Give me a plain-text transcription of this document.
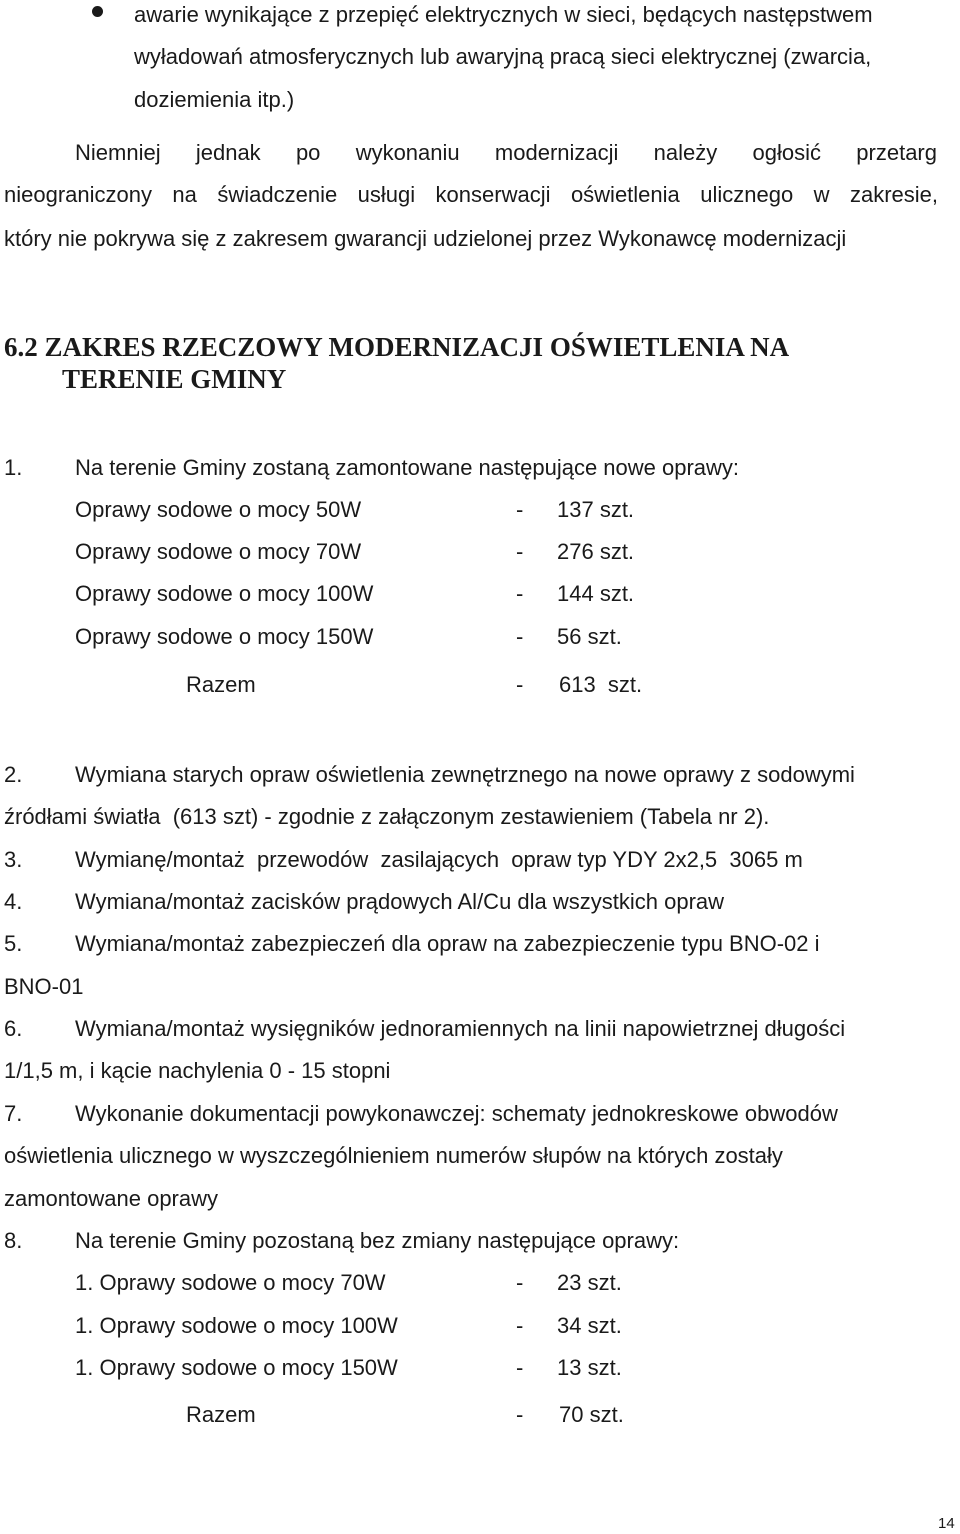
awarie wynikające z przepięć elektrycznych w sieci, będących następstwem
wyładowań atmosferycznych lub awaryjną pracą sieci elektrycznej (zwarcia,
doziemienia itp.)
Niemniej jednak po wykonaniu modernizacji należy ogłosić przetarg
nieograniczony na świadczenie usługi konserwacji oświetlenia ulicznego w zakresie,
który nie pokrywa się z zakresem gwarancji udzielonej przez Wykonawcę modernizacji
6.2 ZAKRES RZECZOWY MODERNIZACJI OŚWIETLENIA NA
TERENIE GMINY
1. Na terenie Gminy zostaną zamontowane następujące nowe oprawy:
Oprawy sodowe o mocy 50W	- 137 szt.
Oprawy sodowe o mocy 70W	- 276 szt.
Oprawy sodowe o mocy 100W	- 144 szt.
Oprawy sodowe o mocy 150W	- 56 szt.
Razem	- 613  szt.
2. Wymiana starych opraw oświetlenia zewnętrznego na nowe oprawy z sodowymi
źródłami światła  (613 szt) - zgodnie z załączonym zestawieniem (Tabela nr 2).
3. Wymianę/montaż  przewodów  zasilających  opraw typ YDY 2x2,5  3065 m
4. Wymiana/montaż zacisków prądowych Al/Cu dla wszystkich opraw
5. Wymiana/montaż zabezpieczeń dla opraw na zabezpieczenie typu BNO-02 i
BNO-01
6. Wymiana/montaż wysięgników jednoramiennych na linii napowietrznej długości
1/1,5 m, i kącie nachylenia 0 - 15 stopni
7. Wykonanie dokumentacji powykonawczej: schematy jednokreskowe obwodów
oświetlenia ulicznego w wyszczególnieniem numerów słupów na których zostały
zamontowane oprawy
8. Na terenie Gminy pozostaną bez zmiany następujące oprawy:
1. Oprawy sodowe o mocy 70W	- 23 szt.
1. Oprawy sodowe o mocy 100W	- 34 szt.
1. Oprawy sodowe o mocy 150W	- 13 szt.
Razem	- 70 szt.
14
